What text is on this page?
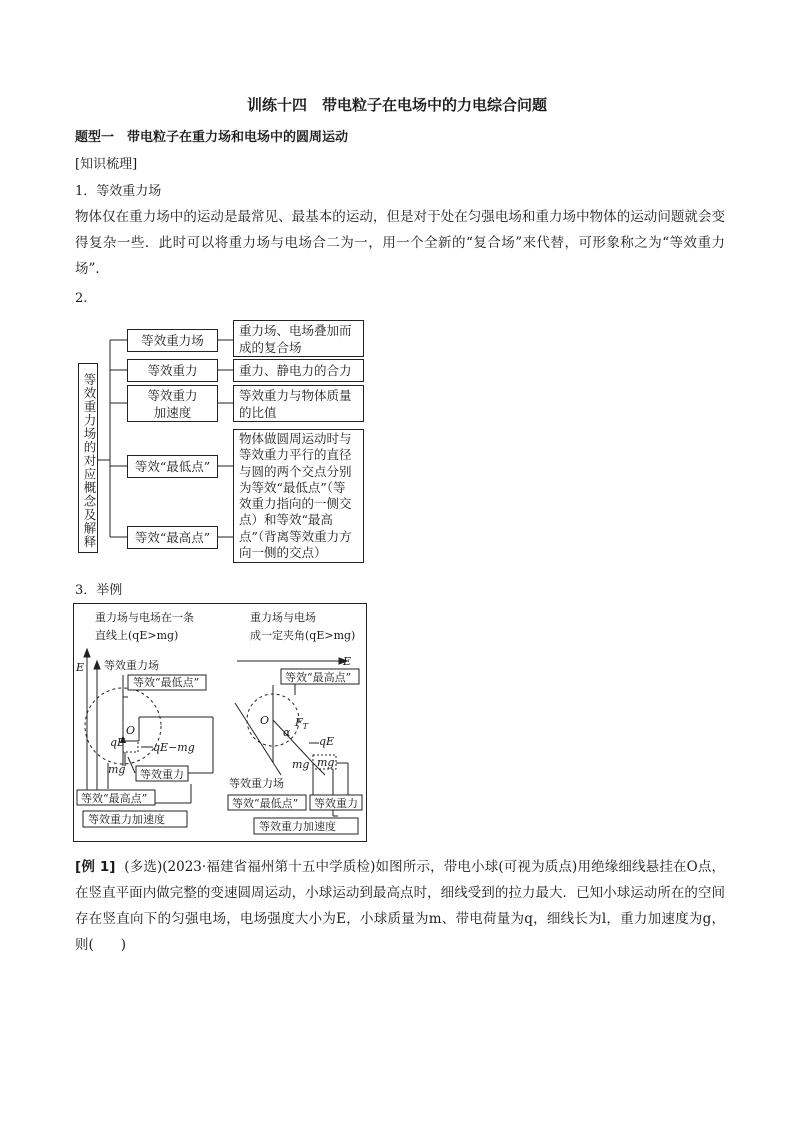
训练十四　带电粒子在电场中的力电综合问题
题型一　带电粒子在重力场和电场中的圆周运动
[知识梳理]
1．等效重力场
物体仅在重力场中的运动是最常见、最基本的运动，但是对于处在匀强电场和重力场中物体的运动问题就会变得复杂一些．此时可以将重力场与电场合二为一，用一个全新的“复合场”来代替，可形象称之为“等效重力场”．
2.
等效重力场的对应概念及解释
等效重力场
等效重力
等效重力加速度
等效“最低点”
等效“最高点”
重力场、电场叠加而成的复合场
重力、静电力的合力
等效重力与物体质量的比值
物体做圆周运动时与等效重力平行的直径与圆的两个交点分别为等效“最低点”（等效重力指向的一侧交点）和等效“最高点”（背离等效重力方向一侧的交点）
3．举例
重力场与电场在一条
直线上(qE>mg)
重力场与电场
成一定夹角(qE>mg)
E 等效重力场
等效“最低点”
O
qE	qE−mg
mg 等效重力
等效“最高点”
等效重力加速度
E
等效“最高点”
O $F_T$
α
qE
mg mg
等效重力场
等效“最低点” 等效重力
等效重力加速度
[例 1] (多选)(2023·福建省福州第十五中学质检)如图所示，带电小球(可视为质点)用绝缘细线悬挂在O点，在竖直平面内做完整的变速圆周运动，小球运动到最高点时，细线受到的拉力最大．已知小球运动所在的空间存在竖直向下的匀强电场，电场强度大小为E，小球质量为m、带电荷量为q，细线长为l，重力加速度为g，则(　　)
